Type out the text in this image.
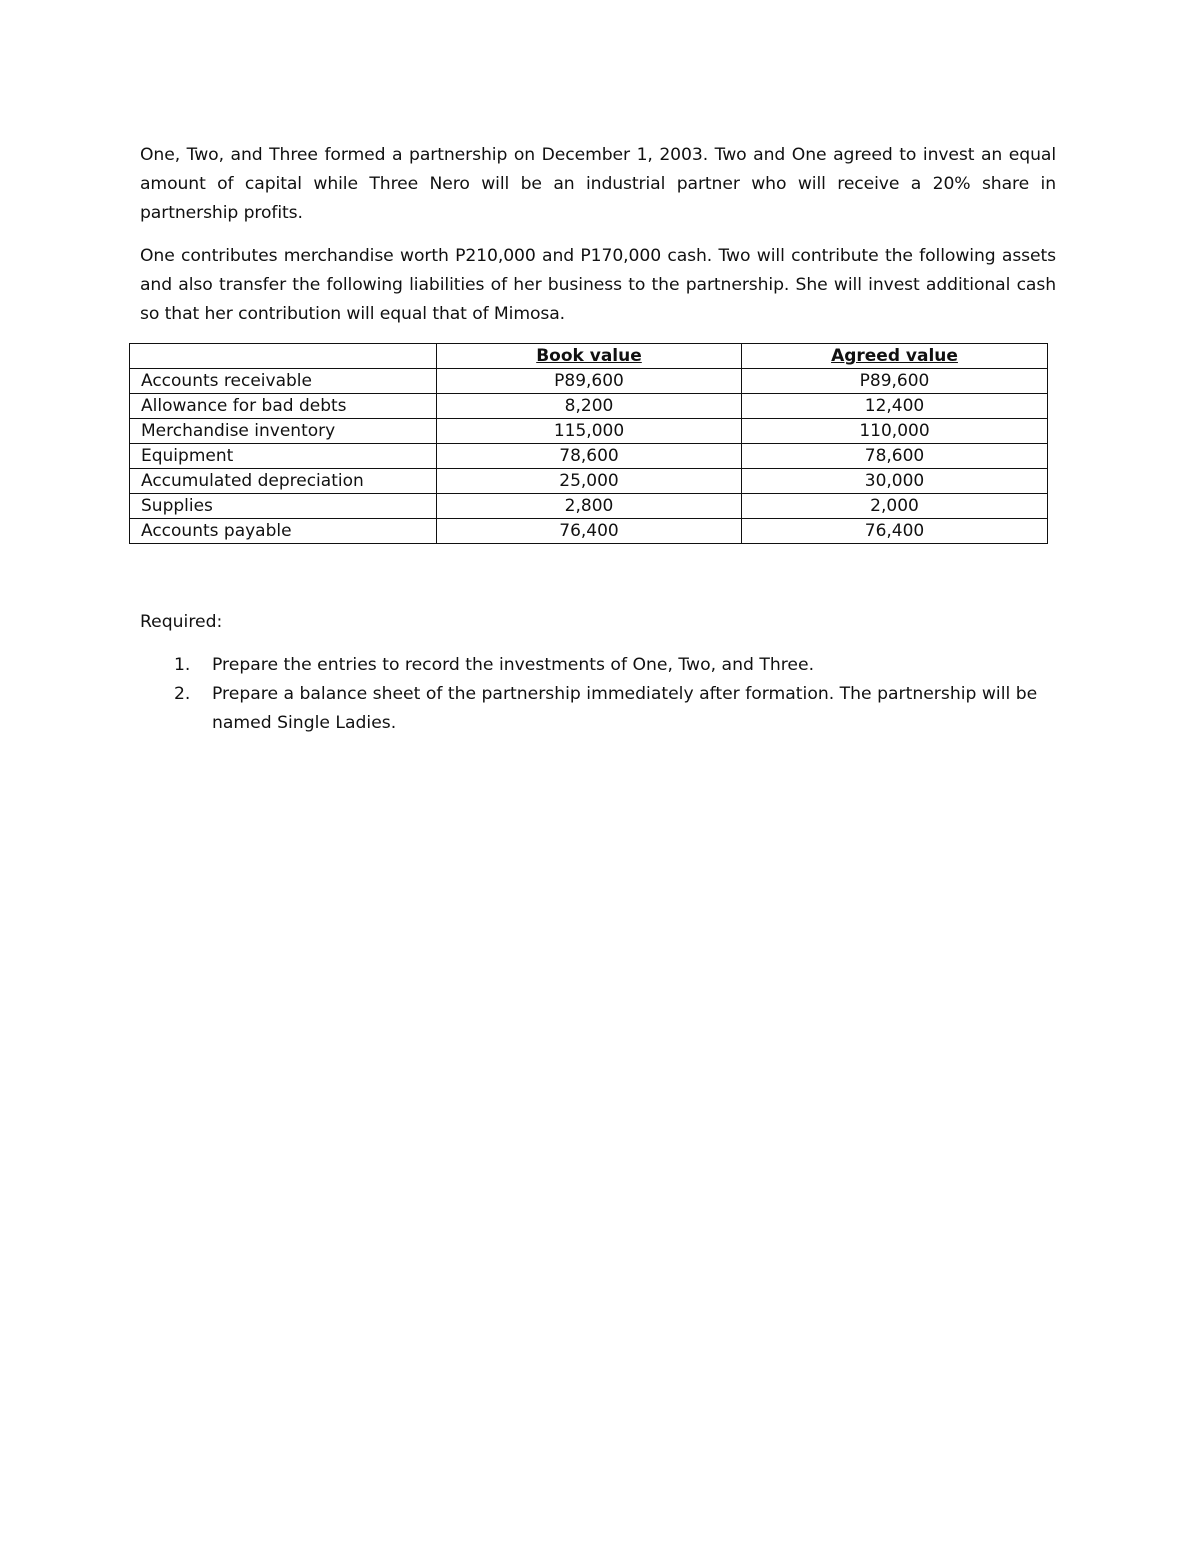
One, Two, and Three formed a partnership on December 1, 2003. Two and One agreed to invest an equal amount of capital while Three Nero will be an industrial partner who will receive a 20% share in partnership profits.

One contributes merchandise worth P210,000 and P170,000 cash. Two will contribute the following assets and also transfer the following liabilities of her business to the partnership. She will invest additional cash so that her contribution will equal that of Mimosa.

	Book value	Agreed value
Accounts receivable	P89,600	P89,600
Allowance for bad debts	8,200	12,400
Merchandise inventory	115,000	110,000
Equipment	78,600	78,600
Accumulated depreciation	25,000	30,000
Supplies	2,800	2,000
Accounts payable	76,400	76,400

Required:

1. Prepare the entries to record the investments of One, Two, and Three.
2. Prepare a balance sheet of the partnership immediately after formation. The partnership will be named Single Ladies.
